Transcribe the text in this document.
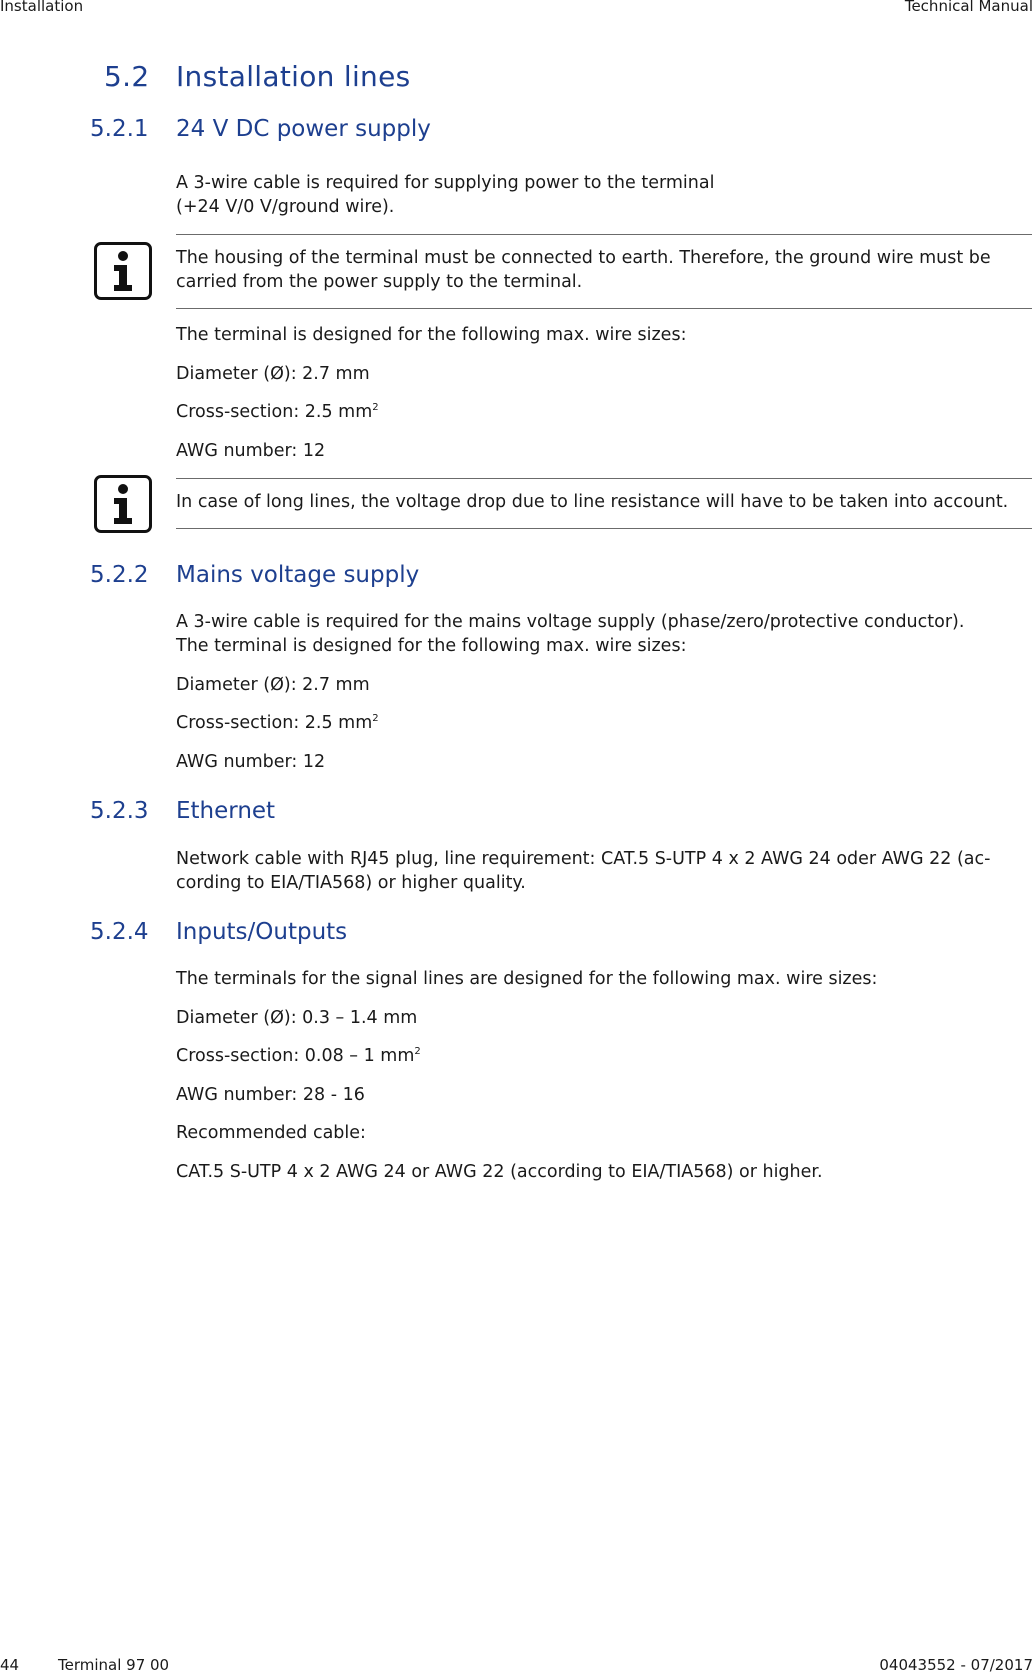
Installation	Technical Manual
5.2 Installation lines
5.2.1 24 V DC power supply
A 3-wire cable is required for supplying power to the terminal
(+24 V/0 V/ground wire).
The housing of the terminal must be connected to earth. Therefore, the ground wire must be carried from the power supply to the terminal.
The terminal is designed for the following max. wire sizes:
Diameter (Ø): 2.7 mm
Cross-section: 2.5 $mm^2$
AWG number: 12
In case of long lines, the voltage drop due to line resistance will have to be taken into account.
5.2.2 Mains voltage supply
A 3-wire cable is required for the mains voltage supply (phase/zero/protective conductor).
The terminal is designed for the following max. wire sizes:
Diameter (Ø): 2.7 mm
Cross-section: 2.5 $mm^2$
AWG number: 12
5.2.3 Ethernet
Network cable with RJ45 plug, line requirement: CAT.5 S-UTP 4 x 2 AWG 24 oder AWG 22 (ac-
cording to EIA/TIA568) or higher quality.
5.2.4 Inputs/Outputs
The terminals for the signal lines are designed for the following max. wire sizes:
Diameter (Ø): 0.3 – 1.4 mm
Cross-section: 0.08 – 1 $mm^2$
AWG number: 28 - 16
Recommended cable:
CAT.5 S-UTP 4 x 2 AWG 24 or AWG 22 (according to EIA/TIA568) or higher.
44	Terminal 97 00	04043552 - 07/2017
